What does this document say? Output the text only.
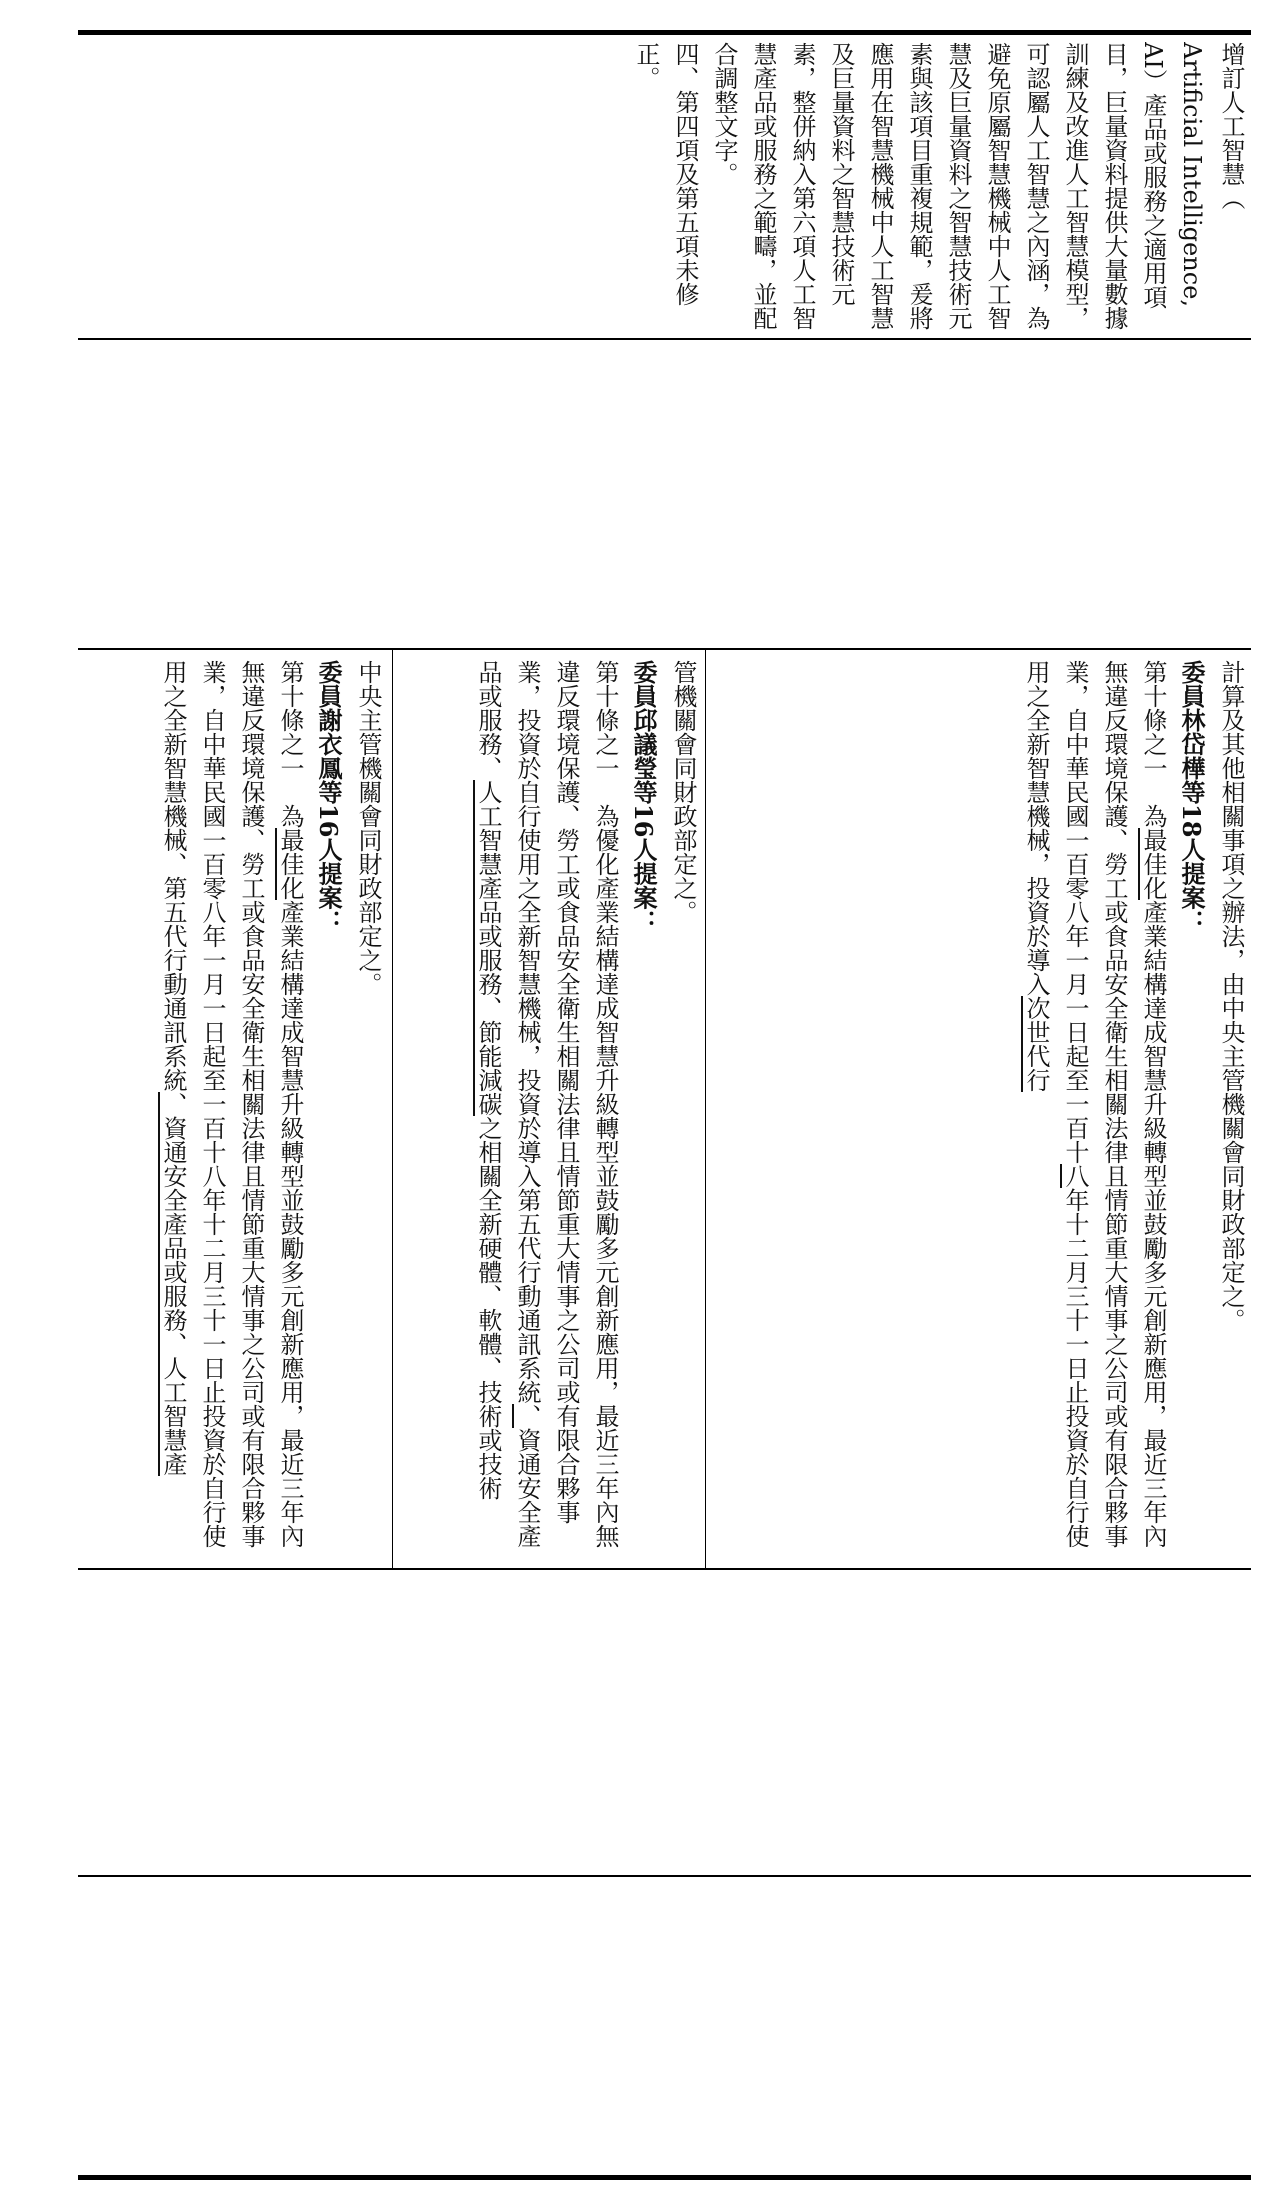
增訂人工智慧（

Artificial Intelligence, AI）產品或服務之適用項目，巨量資料提供大量數據訓練及改進人工智慧模型，可認屬人工智慧之內涵，為避免原屬智慧機械中人工智慧及巨量資料之智慧技術元素與該項目重複規範，爰將應用在智慧機械中人工智慧及巨量資料之智慧技術元素，整併納入第六項人工智慧產品或服務之範疇，並配合調整文字。

四、第四項及第五項未修正。

中央主管機關會同財政部定之。

委員謝衣鳳等16人提案：

第十條之一　為最佳化產業結構達成智慧升級轉型並鼓勵多元創新應用，最近三年內無違反環境保護、勞工或食品安全衛生相關法律且情節重大情事之公司或有限合夥事業，自中華民國一百零八年一月一日起至一百十八年十二月三十一日止投資於自行使用之全新智慧機械、第五代行動通訊系統、資通安全產品或服務、人工智慧產

管機關會同財政部定之。

委員邱議瑩等16人提案：

第十條之一　為優化產業結構達成智慧升級轉型並鼓勵多元創新應用，最近三年內無違反環境保護、勞工或食品安全衛生相關法律且情節重大情事之公司或有限合夥事業，投資於自行使用之全新智慧機械，投資於導入第五代行動通訊系統、資通安全產品或服務、人工智慧產品或服務、節能減碳之相關全新硬體、軟體、技術或技術	計算及其他相關事項之辦法，由中央主管機關會同財政部定之。

委員林岱樺等18人提案：

第十條之一　為最佳化產業結構達成智慧升級轉型並鼓勵多元創新應用，最近三年內無違反環境保護、勞工或食品安全衛生相關法律且情節重大情事之公司或有限合夥事業，自中華民國一百零八年一月一日起至一百十八年十二月三十一日止投資於自行使用之全新智慧機械，投資於導入次世代行
